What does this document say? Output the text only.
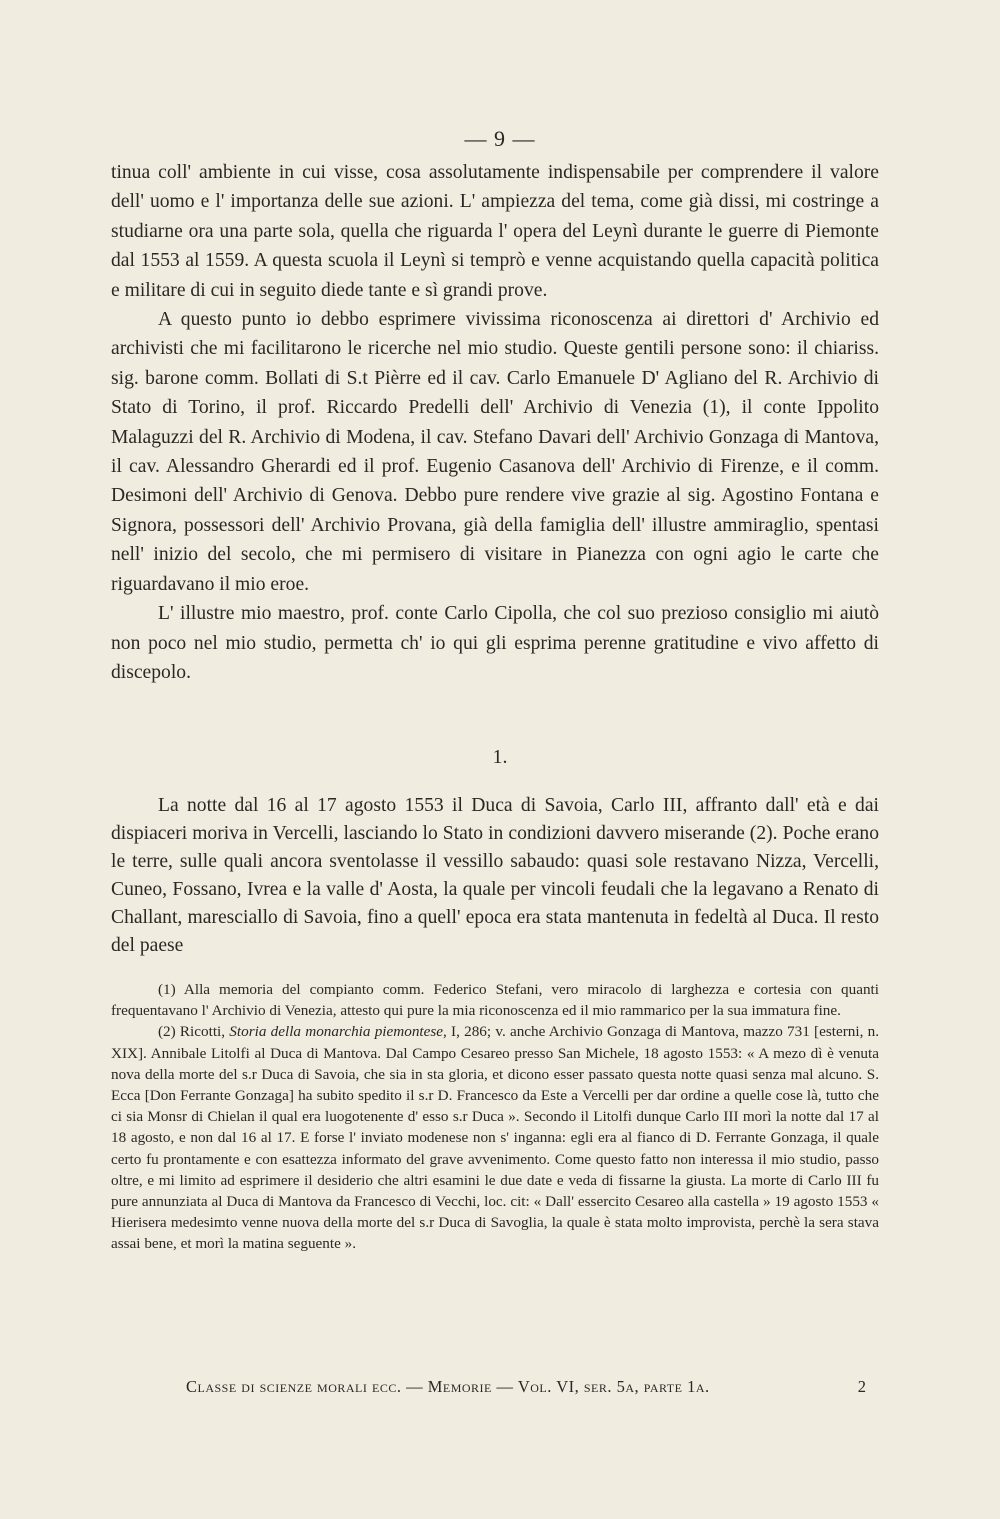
— 9 —

tinua coll' ambiente in cui visse, cosa assolutamente indispensabile per comprendere il valore dell' uomo e l' importanza delle sue azioni. L' ampiezza del tema, come già dissi, mi costringe a studiarne ora una parte sola, quella che riguarda l' opera del Leynì durante le guerre di Piemonte dal 1553 al 1559. A questa scuola il Leynì si temprò e venne acquistando quella capacità politica e militare di cui in seguito diede tante e sì grandi prove.

A questo punto io debbo esprimere vivissima riconoscenza ai direttori d' Archivio ed archivisti che mi facilitarono le ricerche nel mio studio. Queste gentili persone sono: il chiariss. sig. barone comm. Bollati di S.t Pièrre ed il cav. Carlo Emanuele D' Agliano del R. Archivio di Stato di Torino, il prof. Riccardo Predelli dell' Archivio di Venezia (1), il conte Ippolito Malaguzzi del R. Archivio di Modena, il cav. Stefano Davari dell' Archivio Gonzaga di Mantova, il cav. Alessandro Gherardi ed il prof. Eugenio Casanova dell' Archivio di Firenze, e il comm. Desimoni dell' Archivio di Genova. Debbo pure rendere vive grazie al sig. Agostino Fontana e Signora, possessori dell' Archivio Provana, già della famiglia dell' illustre ammiraglio, spentasi nell' inizio del secolo, che mi permisero di visitare in Pianezza con ogni agio le carte che riguardavano il mio eroe.

L' illustre mio maestro, prof. conte Carlo Cipolla, che col suo prezioso consiglio mi aiutò non poco nel mio studio, permetta ch' io qui gli esprima perenne gratitudine e vivo affetto di discepolo.

1.

La notte dal 16 al 17 agosto 1553 il Duca di Savoia, Carlo III, affranto dall' età e dai dispiaceri moriva in Vercelli, lasciando lo Stato in condizioni davvero miserande (2). Poche erano le terre, sulle quali ancora sventolasse il vessillo sabaudo: quasi sole restavano Nizza, Vercelli, Cuneo, Fossano, Ivrea e la valle d' Aosta, la quale per vincoli feudali che la legavano a Renato di Challant, maresciallo di Savoia, fino a quell' epoca era stata mantenuta in fedeltà al Duca. Il resto del paese

(1) Alla memoria del compianto comm. Federico Stefani, vero miracolo di larghezza e cortesia con quanti frequentavano l' Archivio di Venezia, attesto qui pure la mia riconoscenza ed il mio rammarico per la sua immatura fine.

(2) Ricotti, Storia della monarchia piemontese, I, 286; v. anche Archivio Gonzaga di Mantova, mazzo 731 [esterni, n. XIX]. Annibale Litolfi al Duca di Mantova. Dal Campo Cesareo presso San Michele, 18 agosto 1553: « A mezo dì è venuta nova della morte del s.r Duca di Savoia, che sia in sta gloria, et dicono esser passato questa notte quasi senza mal alcuno. S. Ecca [Don Ferrante Gonzaga] ha subito spedito il s.r D. Francesco da Este a Vercelli per dar ordine a quelle cose là, tutto che ci sia Monsr di Chielan il qual era luogotenente d' esso s.r Duca ». Secondo il Litolfi dunque Carlo III morì la notte dal 17 al 18 agosto, e non dal 16 al 17. E forse l' inviato modenese non s' inganna: egli era al fianco di D. Ferrante Gonzaga, il quale certo fu prontamente e con esattezza informato del grave avvenimento. Come questo fatto non interessa il mio studio, passo oltre, e mi limito ad esprimere il desiderio che altri esamini le due date e veda di fissarne la giusta. La morte di Carlo III fu pure annunziata al Duca di Mantova da Francesco di Vecchi, loc. cit: « Dall' essercito Cesareo alla castella » 19 agosto 1553 « Hierisera medesimto venne nuova della morte del s.r Duca di Savoglia, la quale è stata molto improvista, perchè la sera stava assai bene, et morì la matina seguente ».

Classe di scienze morali ecc. — Memorie — Vol. VI, ser. 5a, parte 1a.	2
